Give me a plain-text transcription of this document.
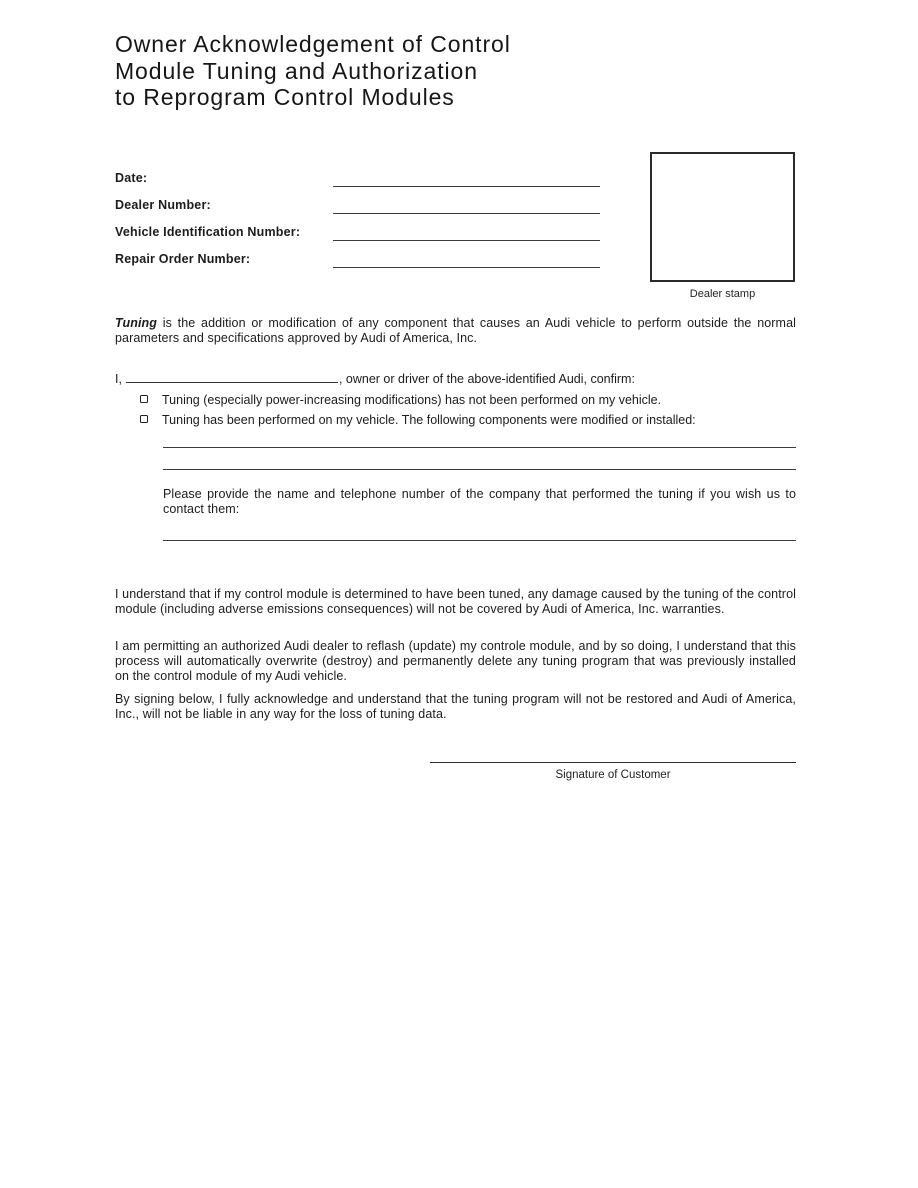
Owner Acknowledgement of Control
Module Tuning and Authorization
to Reprogram Control Modules
Date:
Dealer Number:
Vehicle Identification Number:
Repair Order Number:
Dealer stamp

Tuning is the addition or modification of any component that causes an Audi vehicle to perform outside the normal parameters and specifications approved by Audi of America, Inc.

I,	, owner or driver of the above-identified Audi, confirm:
Tuning (especially power-increasing modifications) has not been performed on my vehicle.
Tuning has been performed on my vehicle. The following components were modified or installed:

Please provide the name and telephone number of the company that performed the tuning if you wish us to contact them:

I understand that if my control module is determined to have been tuned, any damage caused by the tuning of the control module (including adverse emissions consequences) will not be covered by Audi of America, Inc. warranties.

I am permitting an authorized Audi dealer to reflash (update) my controle module, and by so doing, I understand that this process will automatically overwrite (destroy) and permanently delete any tuning program that was previously installed on the control module of my Audi vehicle.

By signing below, I fully acknowledge and understand that the tuning program will not be restored and Audi of America, Inc., will not be liable in any way for the loss of tuning data.

Signature of Customer
